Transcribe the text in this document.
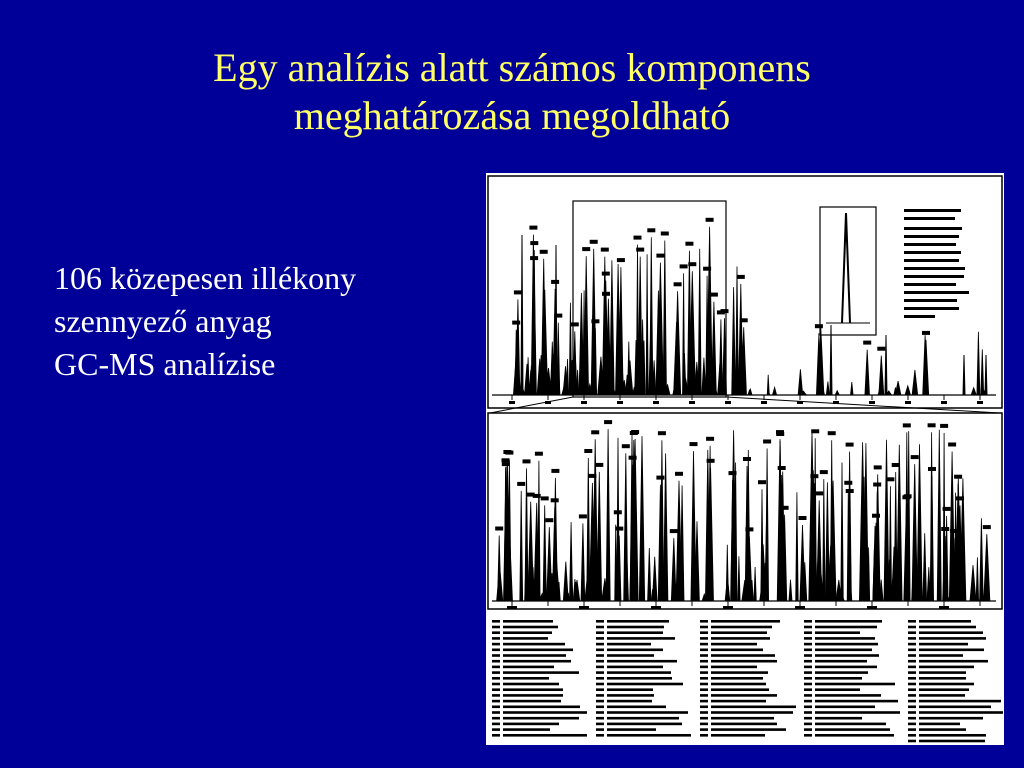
Egy analízis alatt számos komponens
meghatározása megoldható
106 közepesen illékony
szennyező anyag
GC-MS analízise
